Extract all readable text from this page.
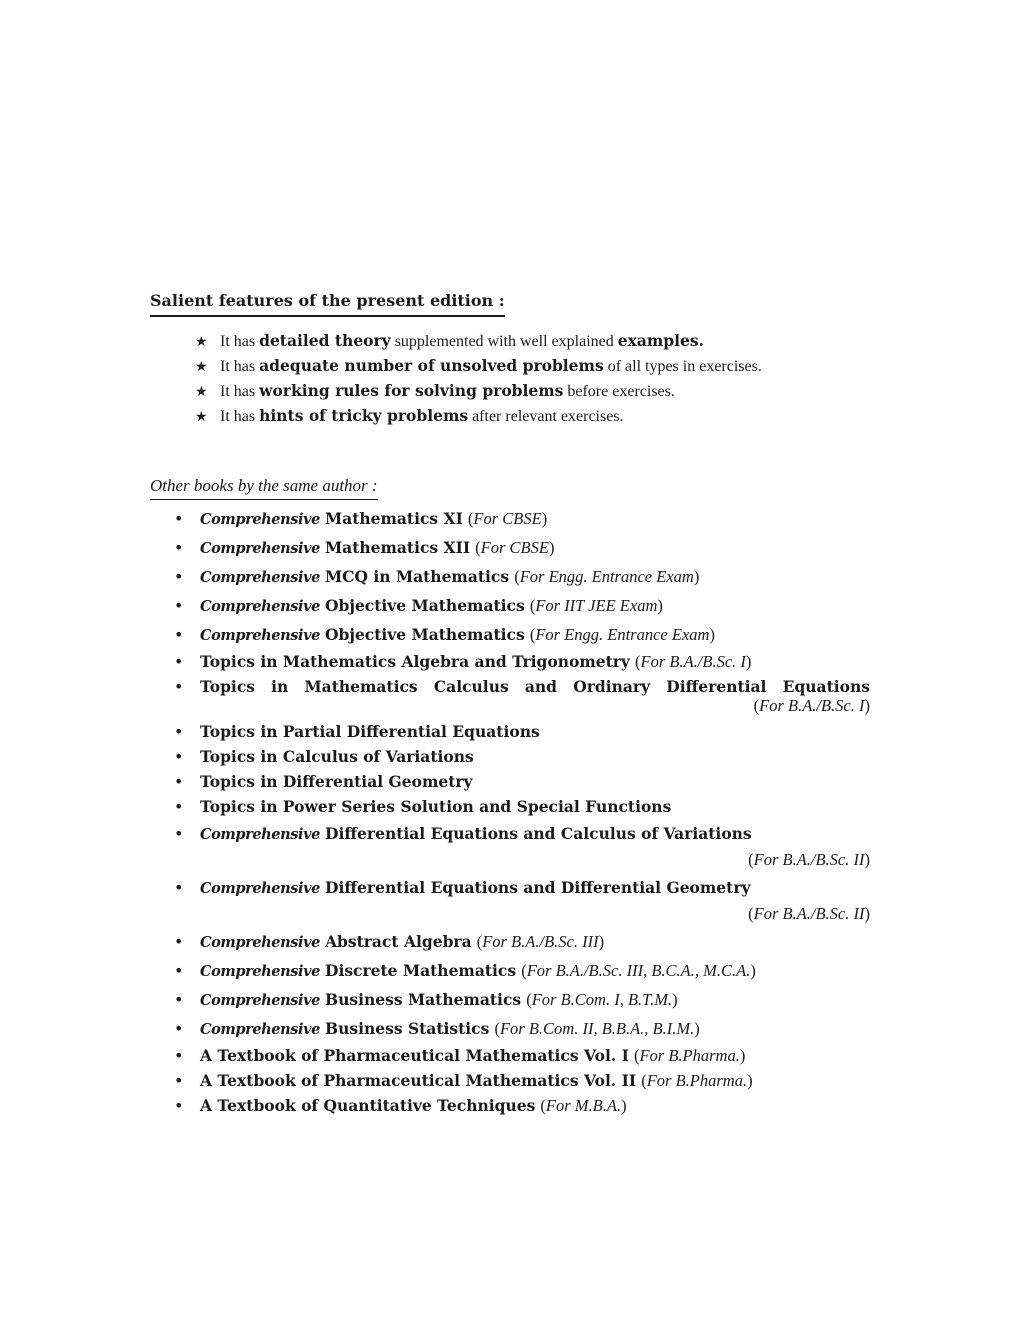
Salient features of the present edition :
★ It has detailed theory supplemented with well explained examples.
★ It has adequate number of unsolved problems of all types in exercises.
★ It has working rules for solving problems before exercises.
★ It has hints of tricky problems after relevant exercises.
Other books by the same author :
• Comprehensive Mathematics XI (For CBSE)
• Comprehensive Mathematics XII (For CBSE)
• Comprehensive MCQ in Mathematics (For Engg. Entrance Exam)
• Comprehensive Objective Mathematics (For IIT JEE Exam)
• Comprehensive Objective Mathematics (For Engg. Entrance Exam)
• Topics in Mathematics Algebra and Trigonometry (For B.A./B.Sc. I)
• Topics in Mathematics Calculus and Ordinary Differential Equations
(For B.A./B.Sc. I)
• Topics in Partial Differential Equations
• Topics in Calculus of Variations
• Topics in Differential Geometry
• Topics in Power Series Solution and Special Functions
• Comprehensive Differential Equations and Calculus of Variations
(For B.A./B.Sc. II)
• Comprehensive Differential Equations and Differential Geometry
(For B.A./B.Sc. II)
• Comprehensive Abstract Algebra (For B.A./B.Sc. III)
• Comprehensive Discrete Mathematics (For B.A./B.Sc. III, B.C.A., M.C.A.)
• Comprehensive Business Mathematics (For B.Com. I, B.T.M.)
• Comprehensive Business Statistics (For B.Com. II, B.B.A., B.I.M.)
• A Textbook of Pharmaceutical Mathematics Vol. I (For B.Pharma.)
• A Textbook of Pharmaceutical Mathematics Vol. II (For B.Pharma.)
• A Textbook of Quantitative Techniques (For M.B.A.)
